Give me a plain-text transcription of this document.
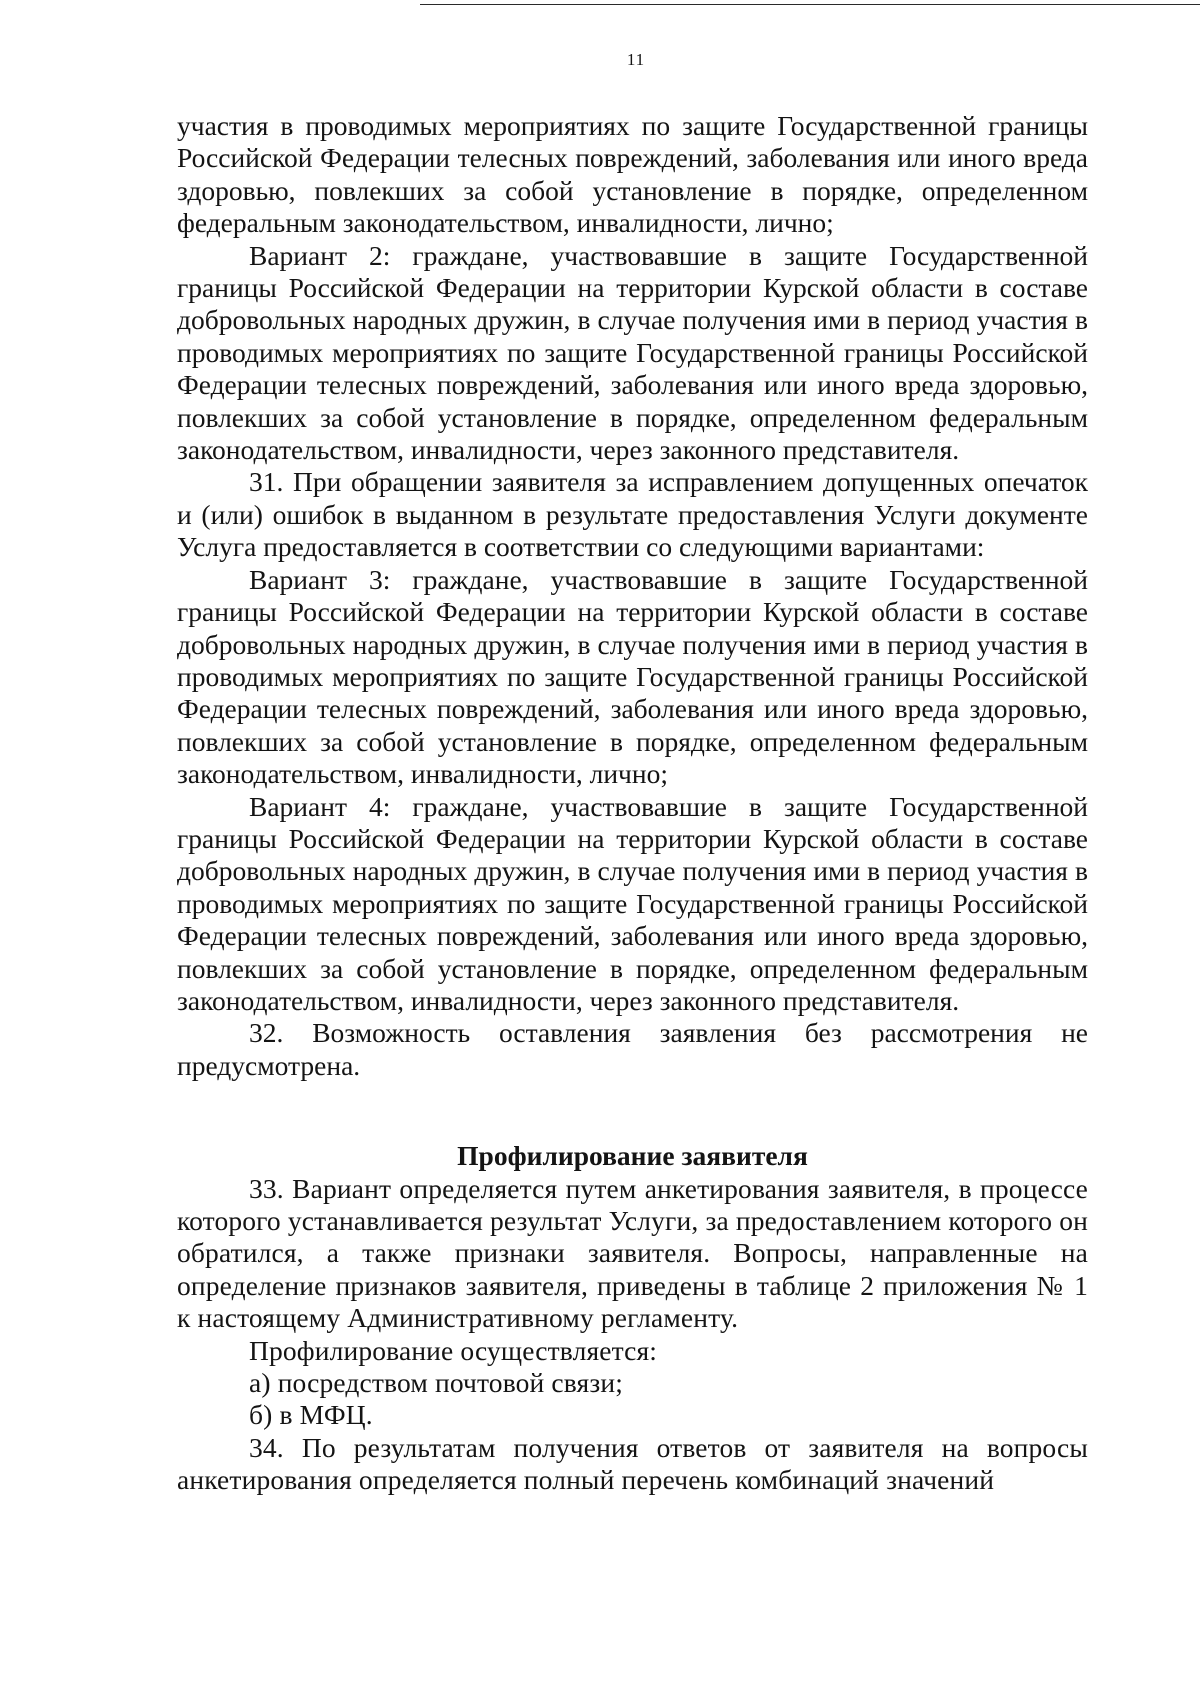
11

участия в проводимых мероприятиях по защите Государственной границы Российской Федерации телесных повреждений, заболевания или иного вреда здоровью, повлекших за собой установление в порядке, определенном федеральным законодательством, инвалидности, лично;

Вариант 2: граждане, участвовавшие в защите Государственной границы Российской Федерации на территории Курской области в составе добровольных народных дружин, в случае получения ими в период участия в проводимых мероприятиях по защите Государственной границы Российской Федерации телесных повреждений, заболевания или иного вреда здоровью, повлекших за собой установление в порядке, определенном федеральным законодательством, инвалидности, через законного представителя.

31. При обращении заявителя за исправлением допущенных опечаток и (или) ошибок в выданном в результате предоставления Услуги документе Услуга предоставляется в соответствии со следующими вариантами:

Вариант 3: граждане, участвовавшие в защите Государственной границы Российской Федерации на территории Курской области в составе добровольных народных дружин, в случае получения ими в период участия в проводимых мероприятиях по защите Государственной границы Российской Федерации телесных повреждений, заболевания или иного вреда здоровью, повлекших за собой установление в порядке, определенном федеральным законодательством, инвалидности, лично;

Вариант 4: граждане, участвовавшие в защите Государственной границы Российской Федерации на территории Курской области в составе добровольных народных дружин, в случае получения ими в период участия в проводимых мероприятиях по защите Государственной границы Российской Федерации телесных повреждений, заболевания или иного вреда здоровью, повлекших за собой установление в порядке, определенном федеральным законодательством, инвалидности, через законного представителя.

32. Возможность оставления заявления без рассмотрения не предусмотрена.

Профилирование заявителя

33. Вариант определяется путем анкетирования заявителя, в процессе которого устанавливается результат Услуги, за предоставлением которого он обратился, а также признаки заявителя. Вопросы, направленные на определение признаков заявителя, приведены в таблице 2 приложения № 1 к настоящему Административному регламенту.

Профилирование осуществляется:

а) посредством почтовой связи;

б) в МФЦ.

34. По результатам получения ответов от заявителя на вопросы анкетирования определяется полный перечень комбинаций значений
